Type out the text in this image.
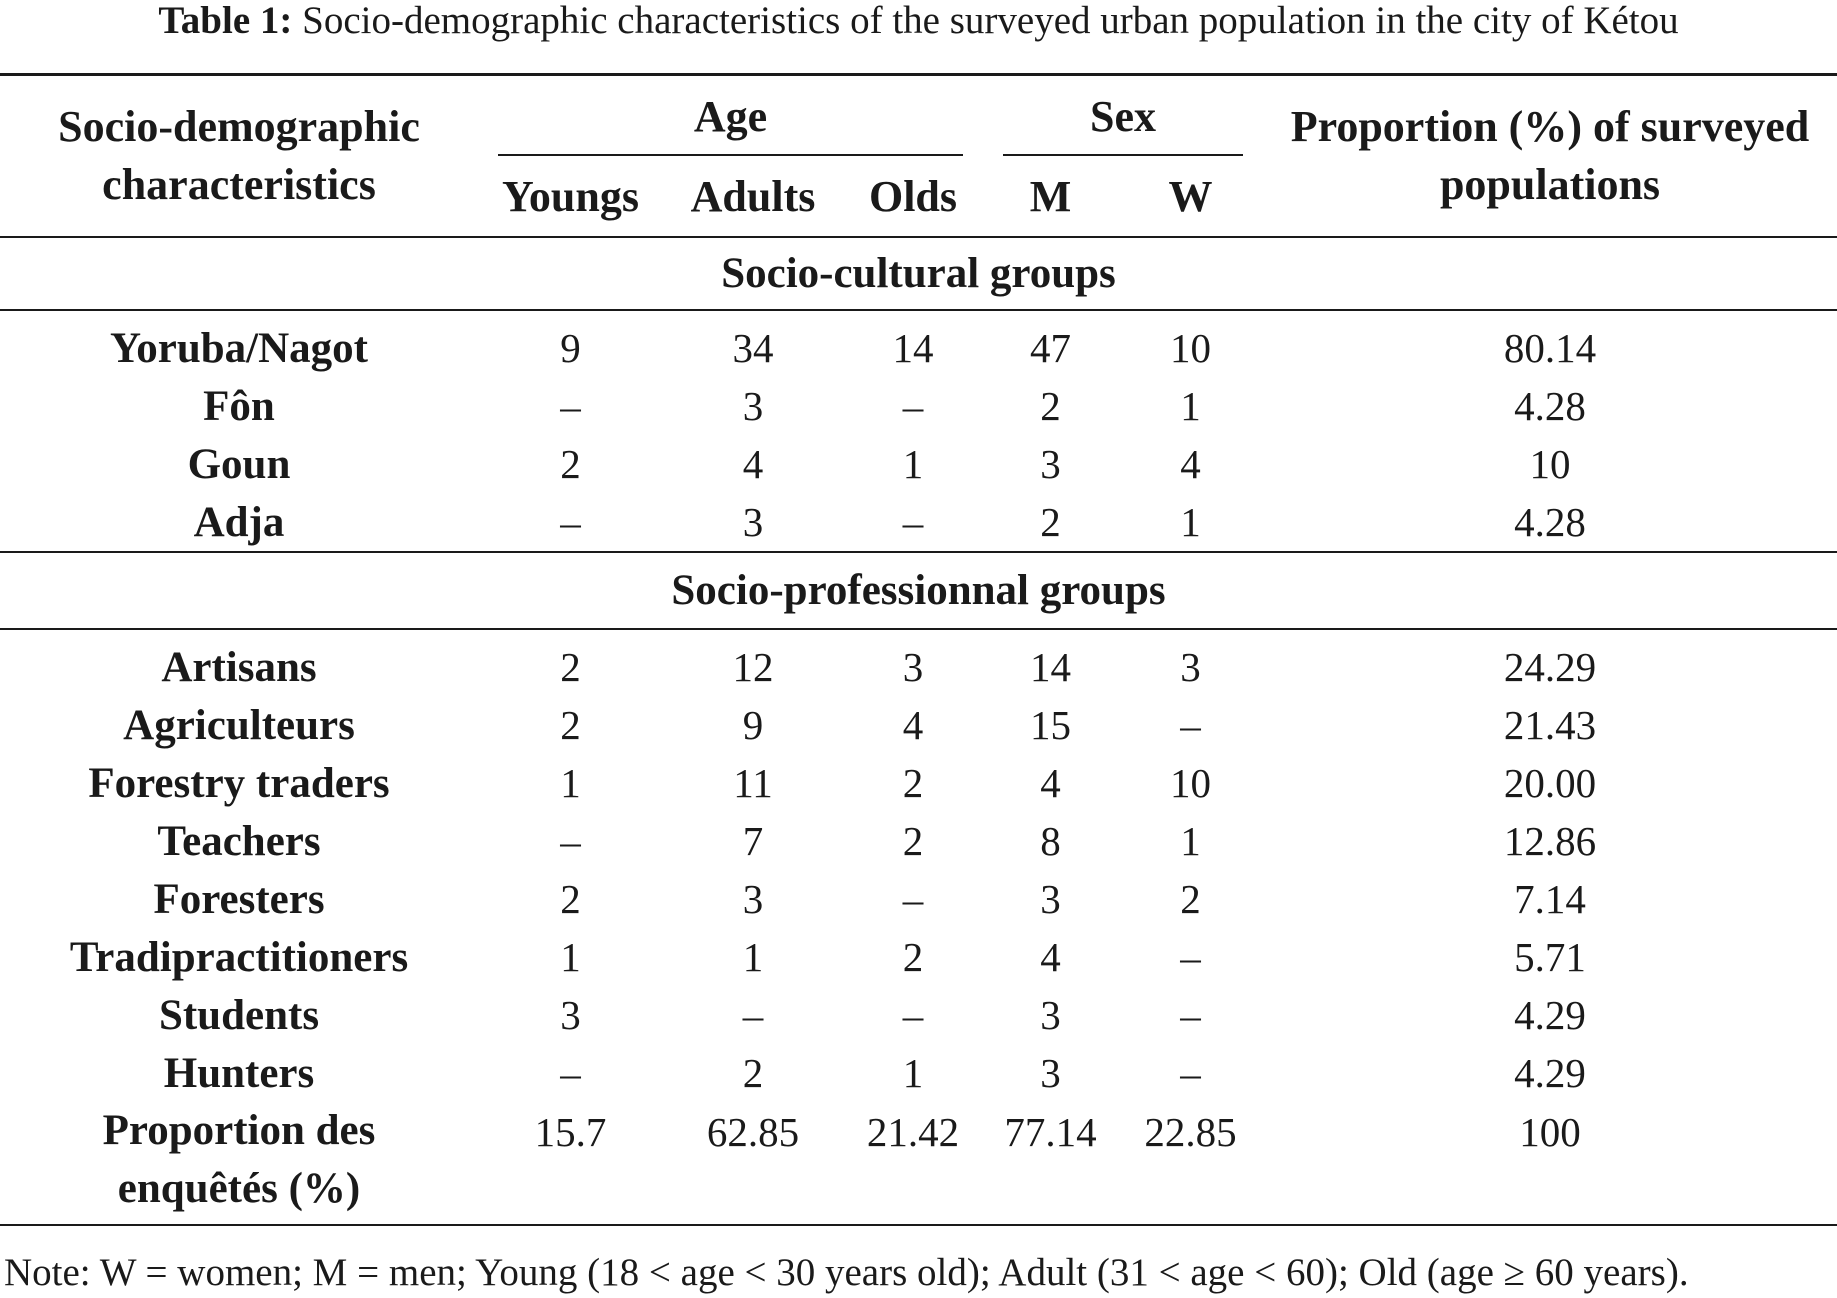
Table 1: Socio-demographic characteristics of the surveyed urban population in the city of Kétou
Socio-demographic characteristics	Age			Sex		Proportion (%) of surveyed populations
	Youngs	Adults	Olds	M	W	
Socio-cultural groups						
Yoruba/Nagot	9	34	14	47	10	80.14
Fôn	–	3	–	2	1	4.28
Goun	2	4	1	3	4	10
Adja	–	3	–	2	1	4.28
Socio-professionnal groups						
Artisans	2	12	3	14	3	24.29
Agriculteurs	2	9	4	15	–	21.43
Forestry traders	1	11	2	4	10	20.00
Teachers	–	7	2	8	1	12.86
Foresters	2	3	–	3	2	7.14
Tradipractitioners	1	1	2	4	–	5.71
Students	3	–	–	3	–	4.29
Hunters	–	2	1	3	–	4.29

Proportion des
enquêtés (%)	15.7	62.85	21.42	77.14	22.85	100
Note: W = women; M = men; Young (18 < age < 30 years old); Adult (31 < age < 60); Old (age ≥ 60 years).
